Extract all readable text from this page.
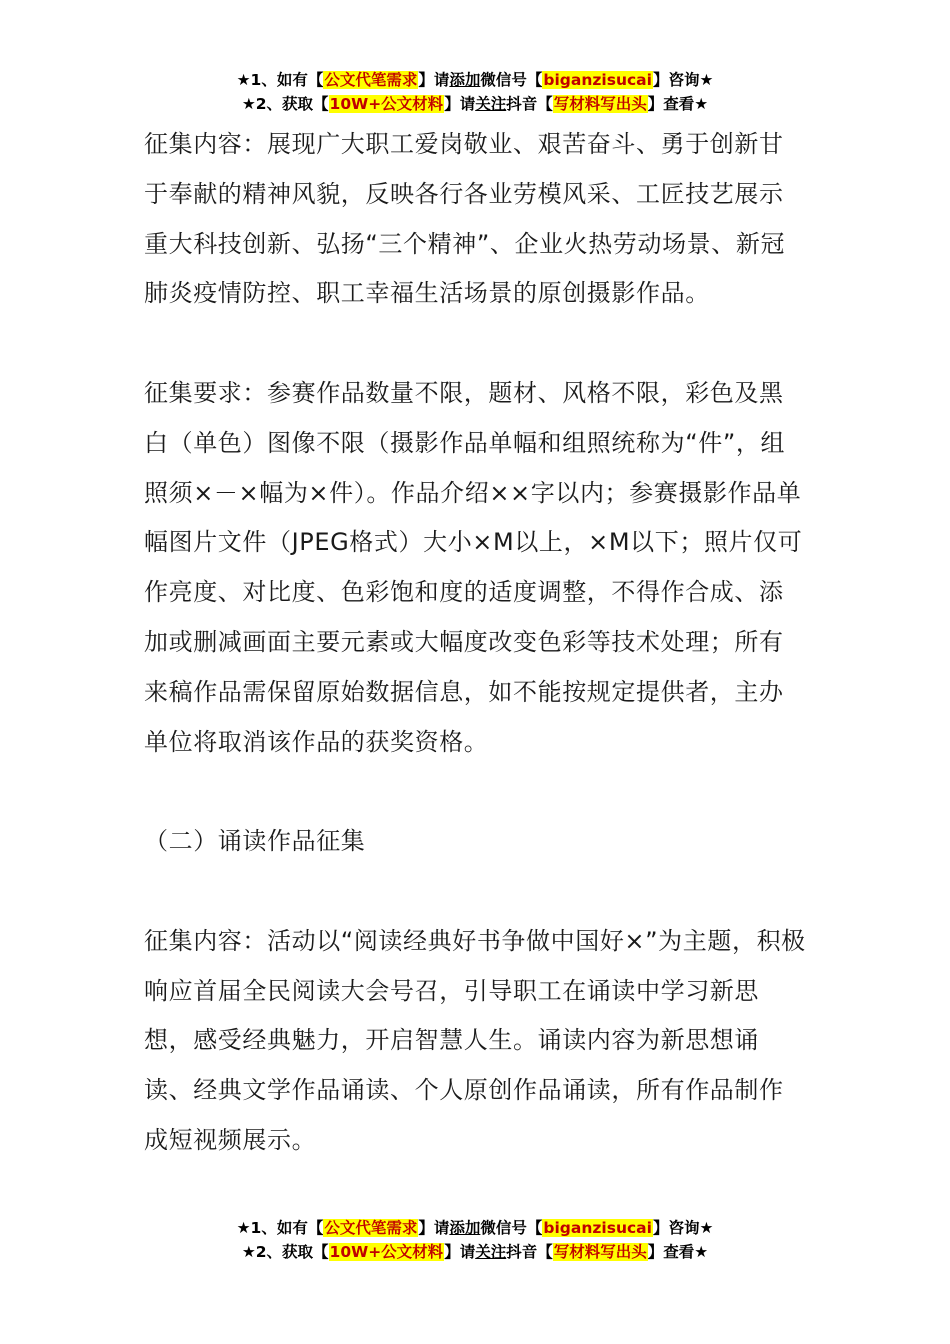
★1、如有【公文代笔需求】请添加微信号【biganzisucai】咨询★
★2、获取【10W+公文材料】请关注抖音【写材料写出头】查看★

征集内容：展现广大职工爱岗敬业、艰苦奋斗、勇于创新甘于奉献的精神风貌，反映各行各业劳模风采、工匠技艺展示重大科技创新、弘扬“三个精神”、企业火热劳动场景、新冠肺炎疫情防控、职工幸福生活场景的原创摄影作品。

征集要求：参赛作品数量不限，题材、风格不限，彩色及黑白（单色）图像不限（摄影作品单幅和组照统称为“件”，组照须×－×幅为×件）。作品介绍××字以内；参赛摄影作品单幅图片文件（JPEG格式）大小×M以上，×M以下；照片仅可作亮度、对比度、色彩饱和度的适度调整，不得作合成、添加或删减画面主要元素或大幅度改变色彩等技术处理；所有来稿作品需保留原始数据信息，如不能按规定提供者，主办单位将取消该作品的获奖资格。

（二）诵读作品征集

征集内容：活动以“阅读经典好书争做中国好×”为主题，积极响应首届全民阅读大会号召，引导职工在诵读中学习新思想，感受经典魅力，开启智慧人生。诵读内容为新思想诵读、经典文学作品诵读、个人原创作品诵读，所有作品制作成短视频展示。

★1、如有【公文代笔需求】请添加微信号【biganzisucai】咨询★
★2、获取【10W+公文材料】请关注抖音【写材料写出头】查看★
